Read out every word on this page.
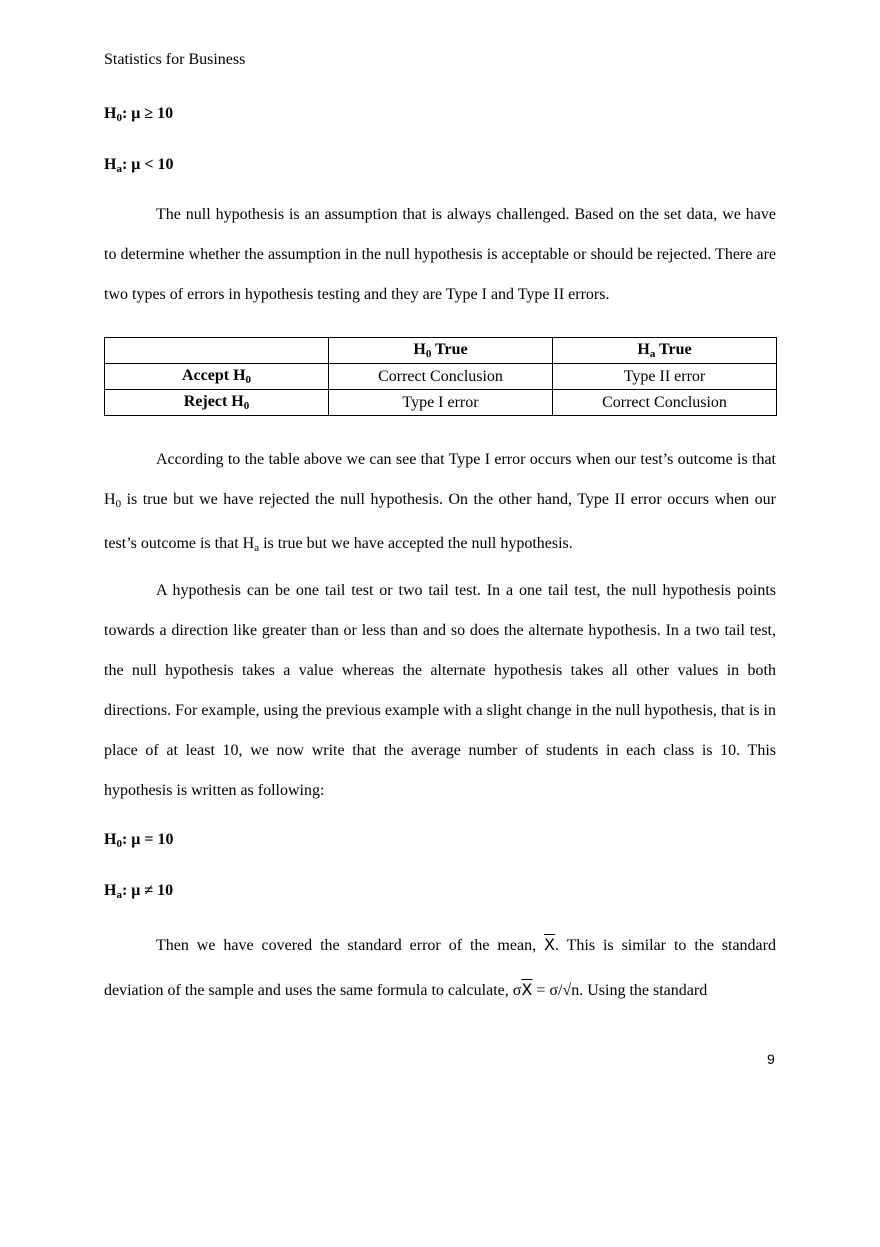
Statistics for Business
$H_0$: μ ≥ 10
$H_a$: μ < 10

The null hypothesis is an assumption that is always challenged. Based on the set data, we have to determine whether the assumption in the null hypothesis is acceptable or should be rejected. There are two types of errors in hypothesis testing and they are Type I and Type II errors.

	H0 True	Ha True
Accept H0	Correct Conclusion	Type II error
Reject H0	Type I error	Correct Conclusion

According to the table above we can see that Type I error occurs when our test’s outcome is that H0 is true but we have rejected the null hypothesis. On the other hand, Type II error occurs when our test’s outcome is that Ha is true but we have accepted the null hypothesis.

A hypothesis can be one tail test or two tail test. In a one tail test, the null hypothesis points towards a direction like greater than or less than and so does the alternate hypothesis. In a two tail test, the null hypothesis takes a value whereas the alternate hypothesis takes all other values in both directions. For example, using the previous example with a slight change in the null hypothesis, that is in place of at least 10, we now write that the average number of students in each class is 10. This hypothesis is written as following:

$H_0$: μ = 10
$H_a$: μ ≠ 10

Then we have covered the standard error of the mean, $\overline{X}$. This is similar to the standard deviation of the sample and uses the same formula to calculate, $\sigma\overline{X} = \sigma/√n$. Using the standard

9
